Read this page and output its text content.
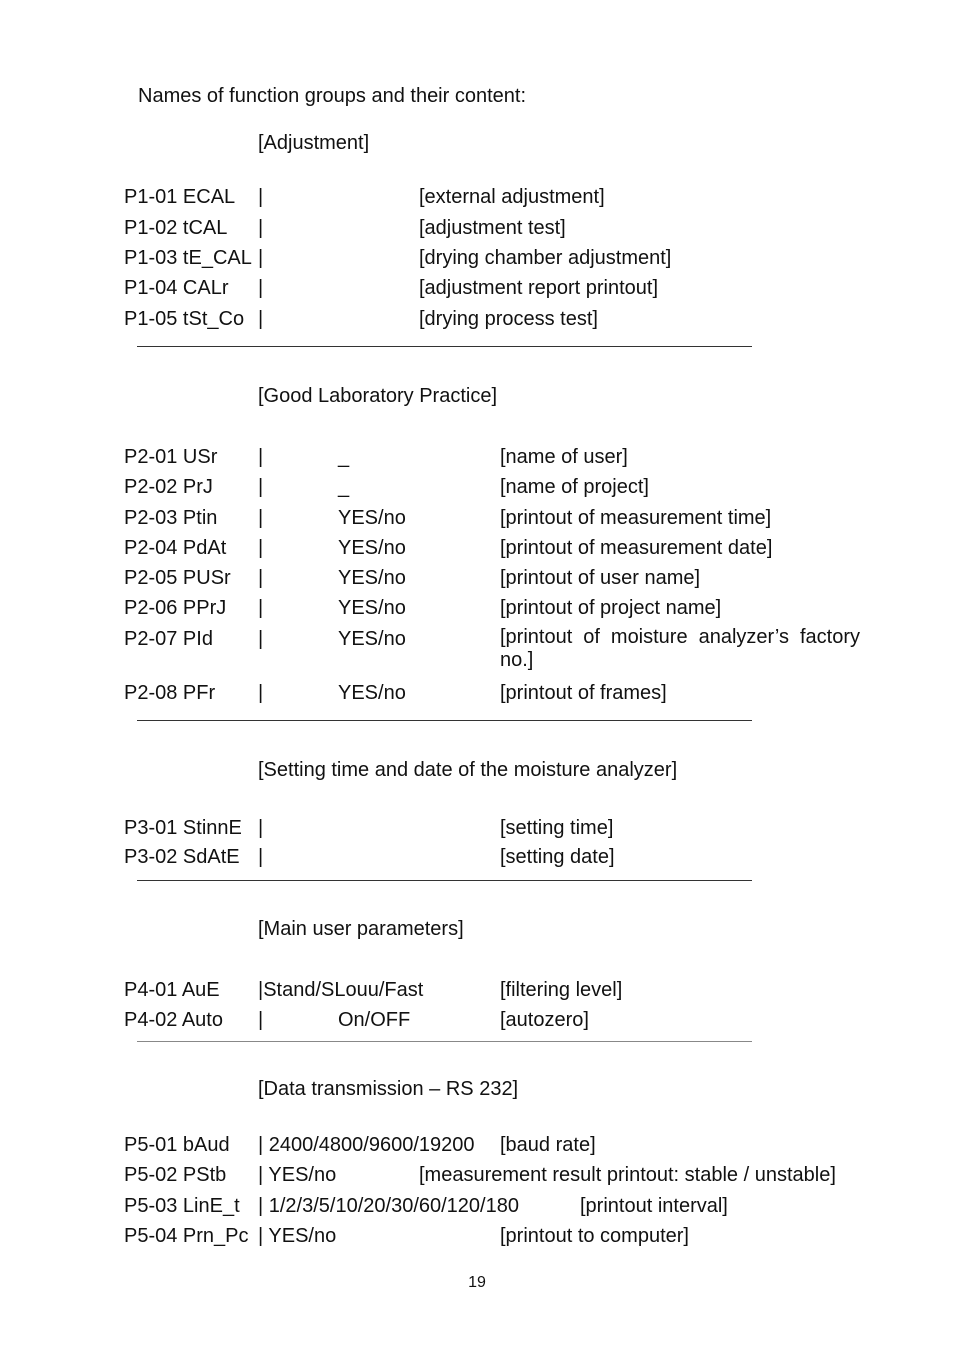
Names of function groups and their content:
[Adjustment]
P1-01 ECAL |	[external adjustment]
P1-02 tCAL |	[adjustment test]
P1-03 tE_CAL |	[drying chamber adjustment]
P1-04 CALr |	[adjustment report printout]
P1-05 tSt_Co |	[drying process test]
[Good Laboratory Practice]
P2-01 USr |	_	[name of user]
P2-02 PrJ |	_	[name of project]
P2-03 Ptin |	YES/no	[printout of measurement time]
P2-04 PdAt |	YES/no	[printout of measurement date]
P2-05 PUSr |	YES/no	[printout of user name]
P2-06 PPrJ |	YES/no	[printout of project name]
P2-07 PId |	YES/no	[printout of moisture analyzer’s factory no.]
P2-08 PFr |	YES/no	[printout of frames]
[Setting time and date of the moisture analyzer]
P3-01 StinnE |	[setting time]
P3-02 SdAtE |	[setting date]
[Main user parameters]
P4-01 AuE |Stand/SLouu/Fast	[filtering level]
P4-02 Auto |	On/OFF	[autozero]
[Data transmission – RS 232]
P5-01 bAud | 2400/4800/9600/19200 [baud rate]
P5-02 PStb | YES/no	[measurement result printout: stable / unstable]
P5-03 LinE_t | 1/2/3/5/10/20/30/60/120/180	[printout interval]
P5-04 Prn_Pc | YES/no	[printout to computer]
19
